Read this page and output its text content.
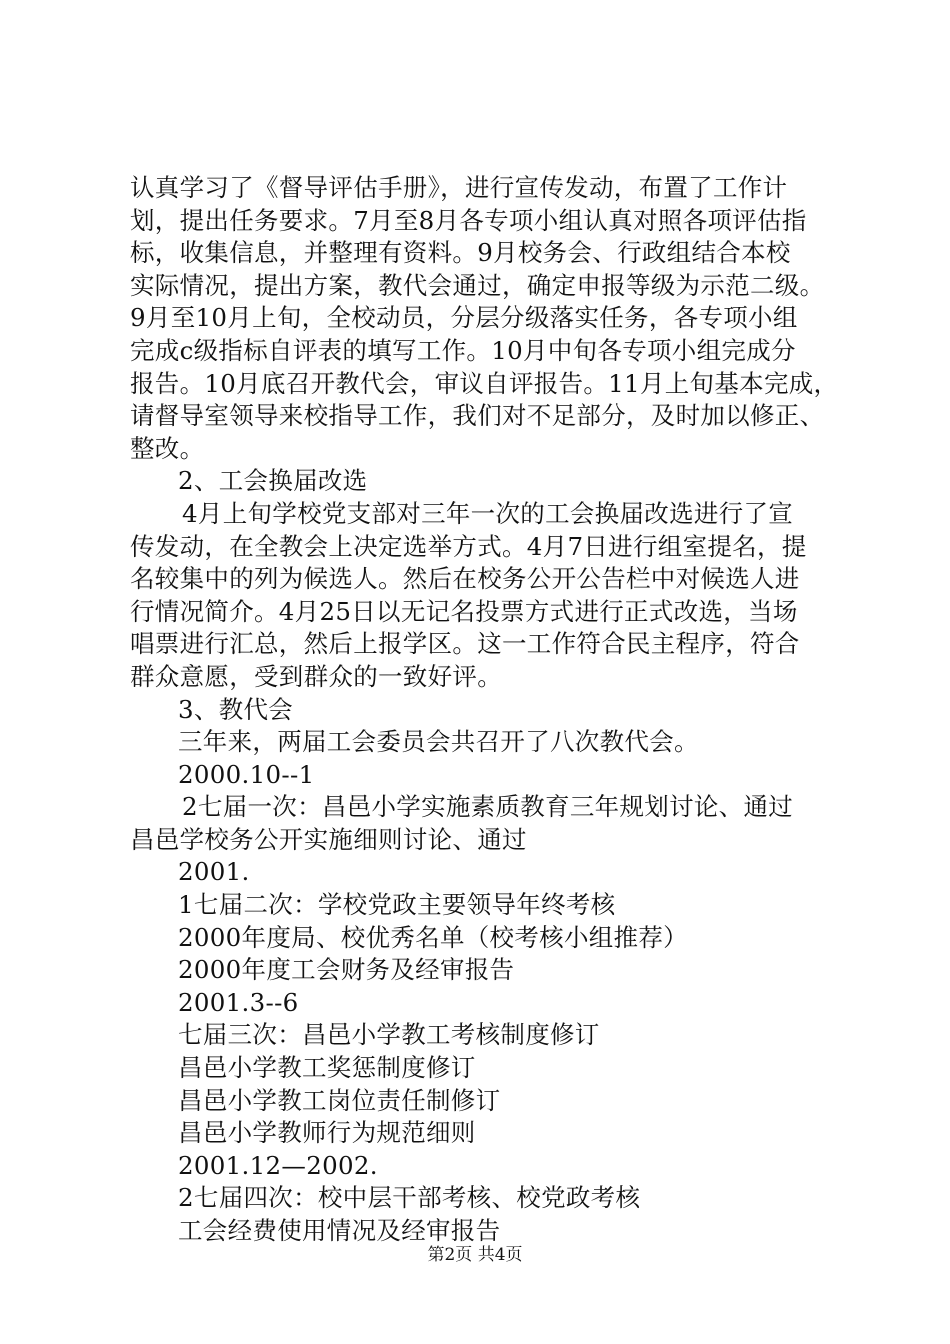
认真学习了《督导评估手册》，进行宣传发动，布置了工作计
划，提出任务要求。7月至8月各专项小组认真对照各项评估指
标，收集信息，并整理有资料。9月校务会、行政组结合本校
实际情况，提出方案，教代会通过，确定申报等级为示范二级。
9月至10月上旬，全校动员，分层分级落实任务，各专项小组
完成c级指标自评表的填写工作。10月中旬各专项小组完成分
报告。10月底召开教代会，审议自评报告。11月上旬基本完成，
请督导室领导来校指导工作，我们对不足部分，及时加以修正、
整改。
2、工会换届改选
4月上旬学校党支部对三年一次的工会换届改选进行了宣
传发动，在全教会上决定选举方式。4月7日进行组室提名，提
名较集中的列为候选人。然后在校务公开公告栏中对候选人进
行情况简介。4月25日以无记名投票方式进行正式改选，当场
唱票进行汇总，然后上报学区。这一工作符合民主程序，符合
群众意愿，受到群众的一致好评。
3、教代会
三年来，两届工会委员会共召开了八次教代会。
2000.10--1
2七届一次：昌邑小学实施素质教育三年规划讨论、通过
昌邑学校务公开实施细则讨论、通过
2001.
1七届二次：学校党政主要领导年终考核
2000年度局、校优秀名单（校考核小组推荐）
2000年度工会财务及经审报告
2001.3--6
七届三次：昌邑小学教工考核制度修订
昌邑小学教工奖惩制度修订
昌邑小学教工岗位责任制修订
昌邑小学教师行为规范细则
2001.12—2002.
2七届四次：校中层干部考核、校党政考核
工会经费使用情况及经审报告
第2页 共4页
